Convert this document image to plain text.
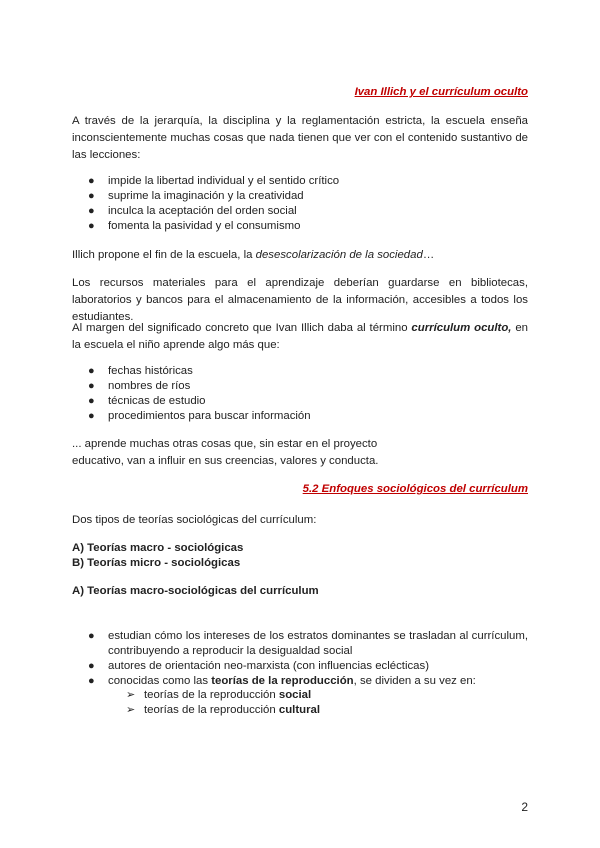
Ivan Illich y el currículum oculto
A través de la jerarquía, la disciplina y la reglamentación estricta, la escuela enseña inconscientemente muchas cosas que nada tienen que ver con el contenido sustantivo de las lecciones:
● impide la libertad individual y el sentido crítico
● suprime la imaginación y la creatividad
● inculca la aceptación del orden social
● fomenta la pasividad y el consumismo
Illich propone el fin de la escuela, la desescolarización de la sociedad…
Los recursos materiales para el aprendizaje deberían guardarse en bibliotecas, laboratorios y bancos para el almacenamiento de la información, accesibles a todos los estudiantes.
Al margen del significado concreto que Ivan Illich daba al término currículum oculto, en la escuela el niño aprende algo más que:
● fechas históricas
● nombres de ríos
● técnicas de estudio
● procedimientos para buscar información
... aprende muchas otras cosas que, sin estar en el proyecto
educativo, van a influir en sus creencias, valores y conducta.
5.2 Enfoques sociológicos del currículum
Dos tipos de teorías sociológicas del currículum:
A) Teorías macro - sociológicas
B) Teorías micro - sociológicas
A) Teorías macro-sociológicas del currículum
● estudian cómo los intereses de los estratos dominantes se trasladan al currículum, contribuyendo a reproducir la desigualdad social
● autores de orientación neo-marxista (con influencias eclécticas)
● conocidas como las teorías de la reproducción, se dividen a su vez en:
➢ teorías de la reproducción social
➢ teorías de la reproducción cultural
2
